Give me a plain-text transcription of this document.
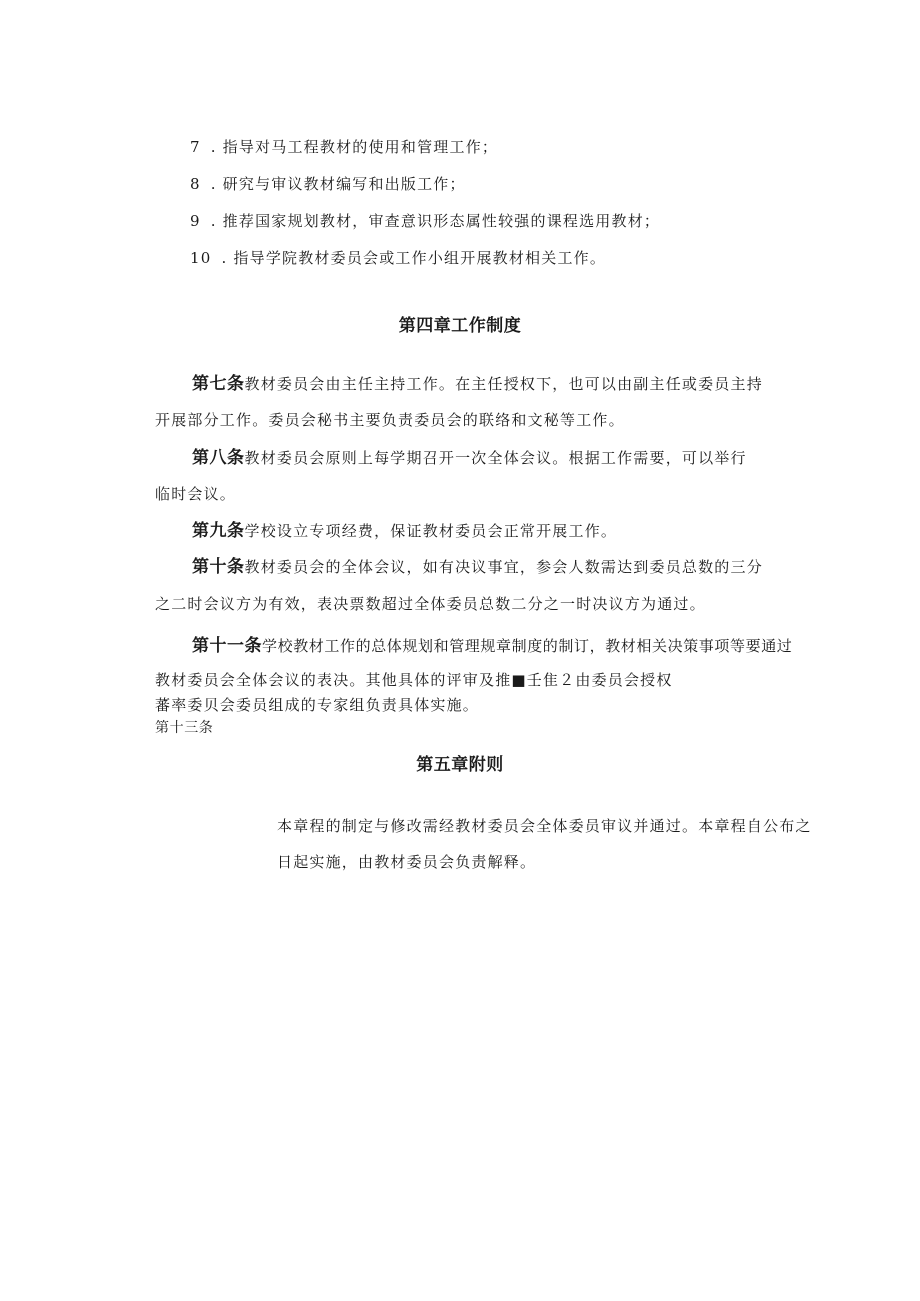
7 . 指导对马工程教材的使用和管理工作；
8 . 研究与审议教材编写和出版工作；
9 . 推荐国家规划教材，审查意识形态属性较强的课程选用教材；
10 . 指导学院教材委员会或工作小组开展教材相关工作。
第四章工作制度
第七条教材委员会由主任主持工作。在主任授权下，也可以由副主任或委员主持
开展部分工作。委员会秘书主要负责委员会的联络和文秘等工作。
第八条教材委员会原则上每学期召开一次全体会议。根据工作需要，可以举行
临时会议。
第九条学校设立专项经费，保证教材委员会正常开展工作。
第十条教材委员会的全体会议，如有决议事宜，参会人数需达到委员总数的三分
之二时会议方为有效，表决票数超过全体委员总数二分之一时决议方为通过。
第十一条学校教材工作的总体规划和管理规章制度的制订，教材相关决策事项等要通过
教材委员会全体会议的表决。其他具体的评审及推■壬隹２由委员会授权
蕃率委贝会委员组成的专家组负责具体实施。
第十三条
第五章附则
本章程的制定与修改需经教材委员会全体委员审议并通过。本章程自公布之
日起实施，由教材委员会负责解释。
